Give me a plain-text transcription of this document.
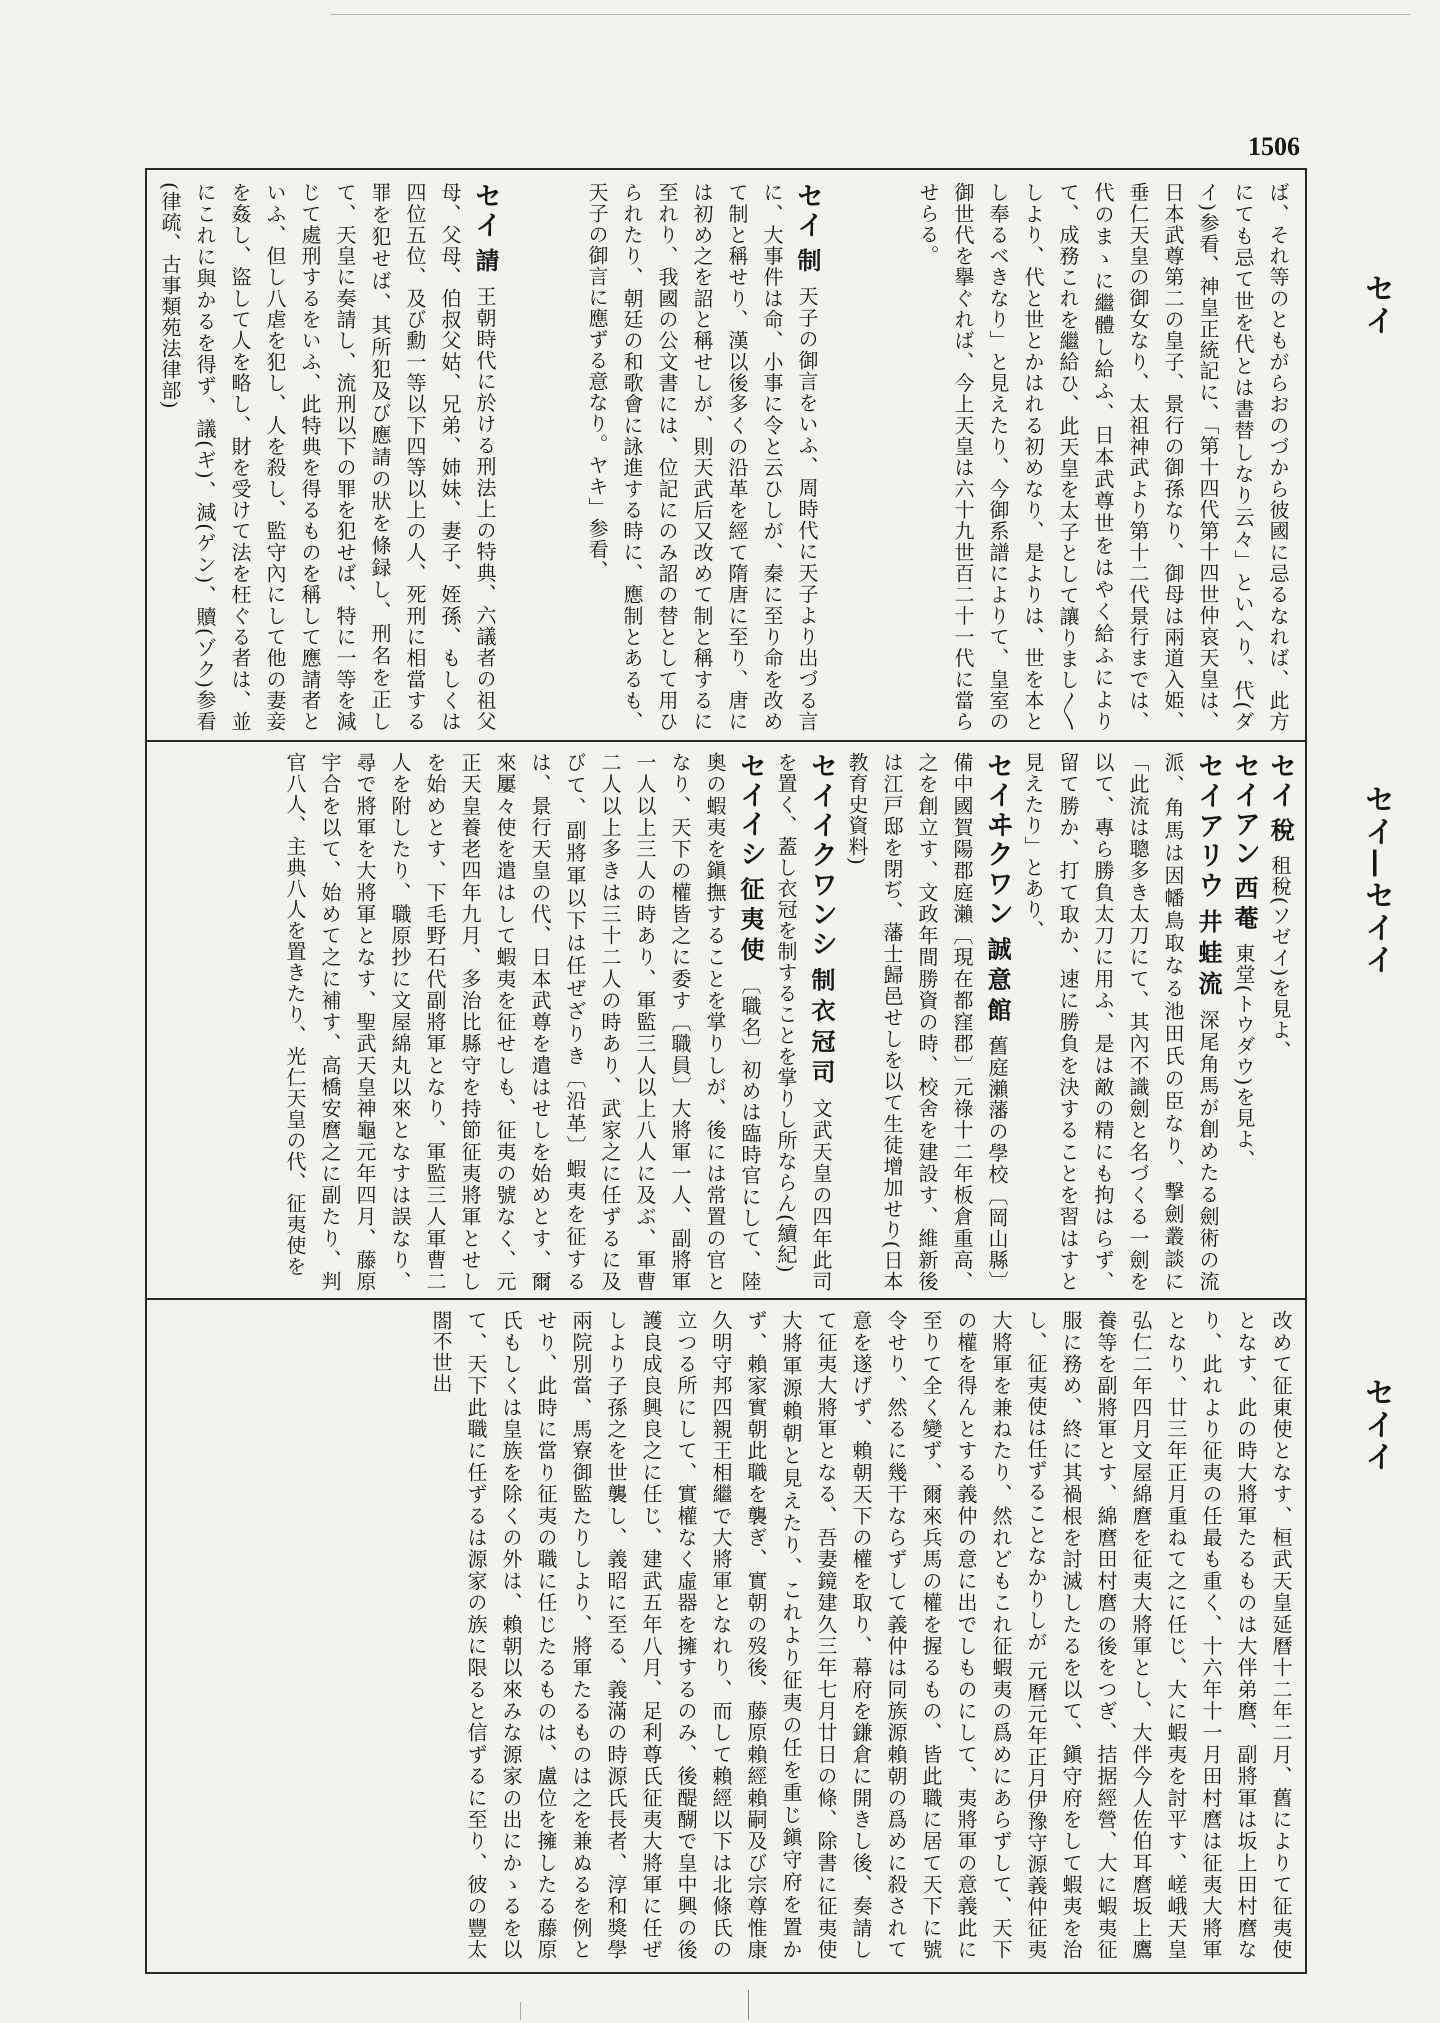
1506
セイ
セイ—セイイ
セイイ

ば、それ等のともがらおのづから彼國に忌るなれば、此方にても忌て世を代とは書替しなり云々」といへり、代(ダイ)参看、神皇正統記に、「第十四代第十四世仲哀天皇は、日本武尊第二の皇子、景行の御孫なり、御母は兩道入姫、垂仁天皇の御女なり、太祖神武より第十二代景行までは、代のまゝに繼體し給ふ、日本武尊世をはやく給ふによりて、成務これを繼給ひ、此天皇を太子として讓りまし〳〵しより、代と世とかはれる初めなり、是よりは、世を本とし奉るべきなり」と見えたり、今御系譜によりて、皇室の御世代を擧ぐれば、今上天皇は六十九世百二十一代に當らせらる。

セイ 制 天子の御言をいふ、周時代に天子より出づる言に、大事件は命、小事に令と云ひしが、秦に至り命を改めて制と稱せり、漢以後多くの沿革を經て隋唐に至り、唐には初め之を詔と稱せしが、則天武后又改めて制と稱するに至れり、我國の公文書には、位記にのみ詔の替として用ひられたり、朝廷の和歌會に詠進する時に、應制とあるも、天子の御言に應ずる意なり。ヤキ」参看、

セイ 請 王朝時代に於ける刑法上の特典、六議者の祖父母、父母、伯叔父姑、兄弟、姉妹、妻子、姪孫、もしくは四位五位、及び勳一等以下四等以上の人、死刑に相當する罪を犯せば、其所犯及び應請の狀を條録し、刑名を正して、天皇に奏請し、流刑以下の罪を犯せば、特に一等を減じて處刑するをいふ、此特典を得るものを稱して應請者といふ、但し八虐を犯し、人を殺し、監守內にして他の妻妾を姦し、盜して人を略し、財を受けて法を枉ぐる者は、並にこれに與かるを得ず、議(ギ)、減(ゲン)、贖(ゾク)参看(律疏、古事類苑法律部)

セイ 稅 租稅(ソゼイ)を見よ、

セイアン 西菴 東堂(トウダウ)を見よ、

セイアリウ 井蛙流 深尾角馬が創めたる劍術の流派、角馬は因幡鳥取なる池田氏の臣なり、撃劍叢談に「此流は聰多き太刀にて、其內不識劍と名づくる一劍を以て、專ら勝負太刀に用ふ、是は敵の精にも拘はらず、留て勝か、打て取か、速に勝負を決することを習はすと見えたり」とあり、

セイヰクワン 誠意館 舊庭瀨藩の學校〔岡山縣〕備中國賀陽郡庭瀨〔現在都窪郡〕元祿十二年板倉重高、之を創立す、文政年間勝資の時、校舍を建設す、維新後は江戸邸を閉ぢ、藩士歸邑せしを以て生徒增加せり(日本教育史資料)

セイイクワンシ 制衣冠司 文武天皇の四年此司を置く、蓋し衣冠を制することを掌りし所ならん(續紀)

セイイシ 征夷使 〔職名〕初めは臨時官にして、陸奧の蝦夷を鎭撫することを掌りしが、後には常置の官となり、天下の權皆之に委す〔職員〕大將軍一人、副將軍一人以上三人の時あり、軍監三人以上八人に及ぶ、軍曹二人以上多きは三十二人の時あり、武家之に任ずるに及びて、副將軍以下は任ぜざりき〔沿革〕蝦夷を征するは、景行天皇の代、日本武尊を遣はせしを始めとす、爾來屢々使を遣はして蝦夷を征せしも、征夷の號なく、元正天皇養老四年九月、多治比縣守を持節征夷將軍とせしを始めとす、下毛野石代副將軍となり、軍監三人軍曹二人を附したり、職原抄に文屋綿丸以來となすは誤なり、尋で將軍を大將軍となす、聖武天皇神龜元年四月、藤原宇合を以て、始めて之に補す、高橋安麿之に副たり、判官八人、主典八人を置きたり、光仁天皇の代、征夷使を

改めて征東使となす、桓武天皇延曆十二年二月、舊によりて征夷使となす、此の時大將軍たるものは大伴弟麿、副將軍は坂上田村麿なり、此れより征夷の任最も重く、十六年十一月田村麿は征夷大將軍となり、廿三年正月重ねて之に任じ、大に蝦夷を討平す、嵯峨天皇弘仁二年四月文屋綿麿を征夷大將軍とし、大伴今人佐伯耳麿坂上鷹養等を副將軍とす、綿麿田村麿の後をつぎ、拮据經營、大に蝦夷征服に務め、終に其禍根を討滅したるを以て、鎭守府をして蝦夷を治し、征夷使は任ずることなかりしが 元曆元年正月伊豫守源義仲征夷大將軍を兼ねたり、然れどもこれ征蝦夷の爲めにあらずして、天下の權を得んとする義仲の意に出でしものにして、夷將軍の意義此に至りて全く變ず、爾來兵馬の權を握るもの、皆此職に居て天下に號令せり、然るに幾干ならずして義仲は同族源賴朝の爲めに殺されて意を遂げず、賴朝天下の權を取り、幕府を鎌倉に開きし後、奏請して征夷大將軍となる、吾妻鏡建久三年七月廿日の條、除書に征夷使大將軍源賴朝と見えたり、これより征夷の任を重じ鎭守府を置かず、賴家實朝此職を襲ぎ、實朝の歿後、藤原賴經賴嗣及び宗尊惟康久明守邦四親王相繼で大將軍となれり、而して賴經以下は北條氏の立つる所にして、實權なく虛器を擁するのみ、後醍醐で皇中興の後護良成良興良之に任じ、建武五年八月、足利尊氏征夷大將軍に任ぜしより子孫之を世襲し、義昭に至る、義滿の時源氏長者、淳和獎學兩院別當、馬寮御監たりしより、將軍たるものは之を兼ぬるを例とせり、此時に當り征夷の職に任じたるものは、盧位を擁したる藤原氏もしくは皇族を除くの外は、賴朝以來みな源家の出にかゝるを以て、天下此職に任ずるは源家の族に限ると信ずるに至り、彼の豐太閤不世出
